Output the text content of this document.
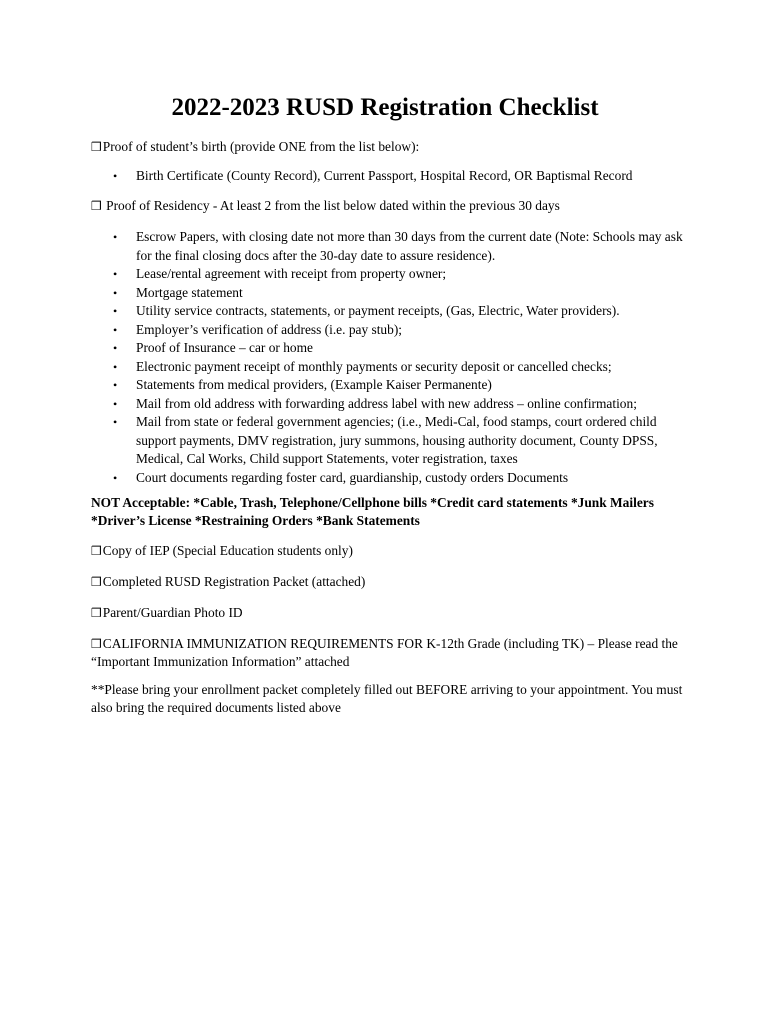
2022-2023 RUSD Registration Checklist

❒Proof of student’s birth (provide ONE from the list below):

• Birth Certificate (County Record), Current Passport, Hospital Record, OR Baptismal Record

❒ Proof of Residency - At least 2 from the list below dated within the previous 30 days

• Escrow Papers, with closing date not more than 30 days from the current date (Note: Schools may ask for the final closing docs after the 30-day date to assure residence).
• Lease/rental agreement with receipt from property owner;
• Mortgage statement
• Utility service contracts, statements, or payment receipts, (Gas, Electric, Water providers).
• Employer’s verification of address (i.e. pay stub);
• Proof of Insurance – car or home
• Electronic payment receipt of monthly payments or security deposit or cancelled checks;
• Statements from medical providers, (Example Kaiser Permanente)
• Mail from old address with forwarding address label with new address – online confirmation;
• Mail from state or federal government agencies; (i.e., Medi-Cal, food stamps, court ordered child support payments, DMV registration, jury summons, housing authority document, County DPSS, Medical, Cal Works, Child support Statements, voter registration, taxes
• Court documents regarding foster card, guardianship, custody orders Documents

NOT Acceptable: *Cable, Trash, Telephone/Cellphone bills *Credit card statements *Junk Mailers *Driver’s License *Restraining Orders *Bank Statements

❒Copy of IEP (Special Education students only)

❒Completed RUSD Registration Packet (attached)

❒Parent/Guardian Photo ID

❒CALIFORNIA IMMUNIZATION REQUIREMENTS FOR K-12th Grade (including TK) – Please read the “Important Immunization Information” attached

**Please bring your enrollment packet completely filled out BEFORE arriving to your appointment. You must also bring the required documents listed above
